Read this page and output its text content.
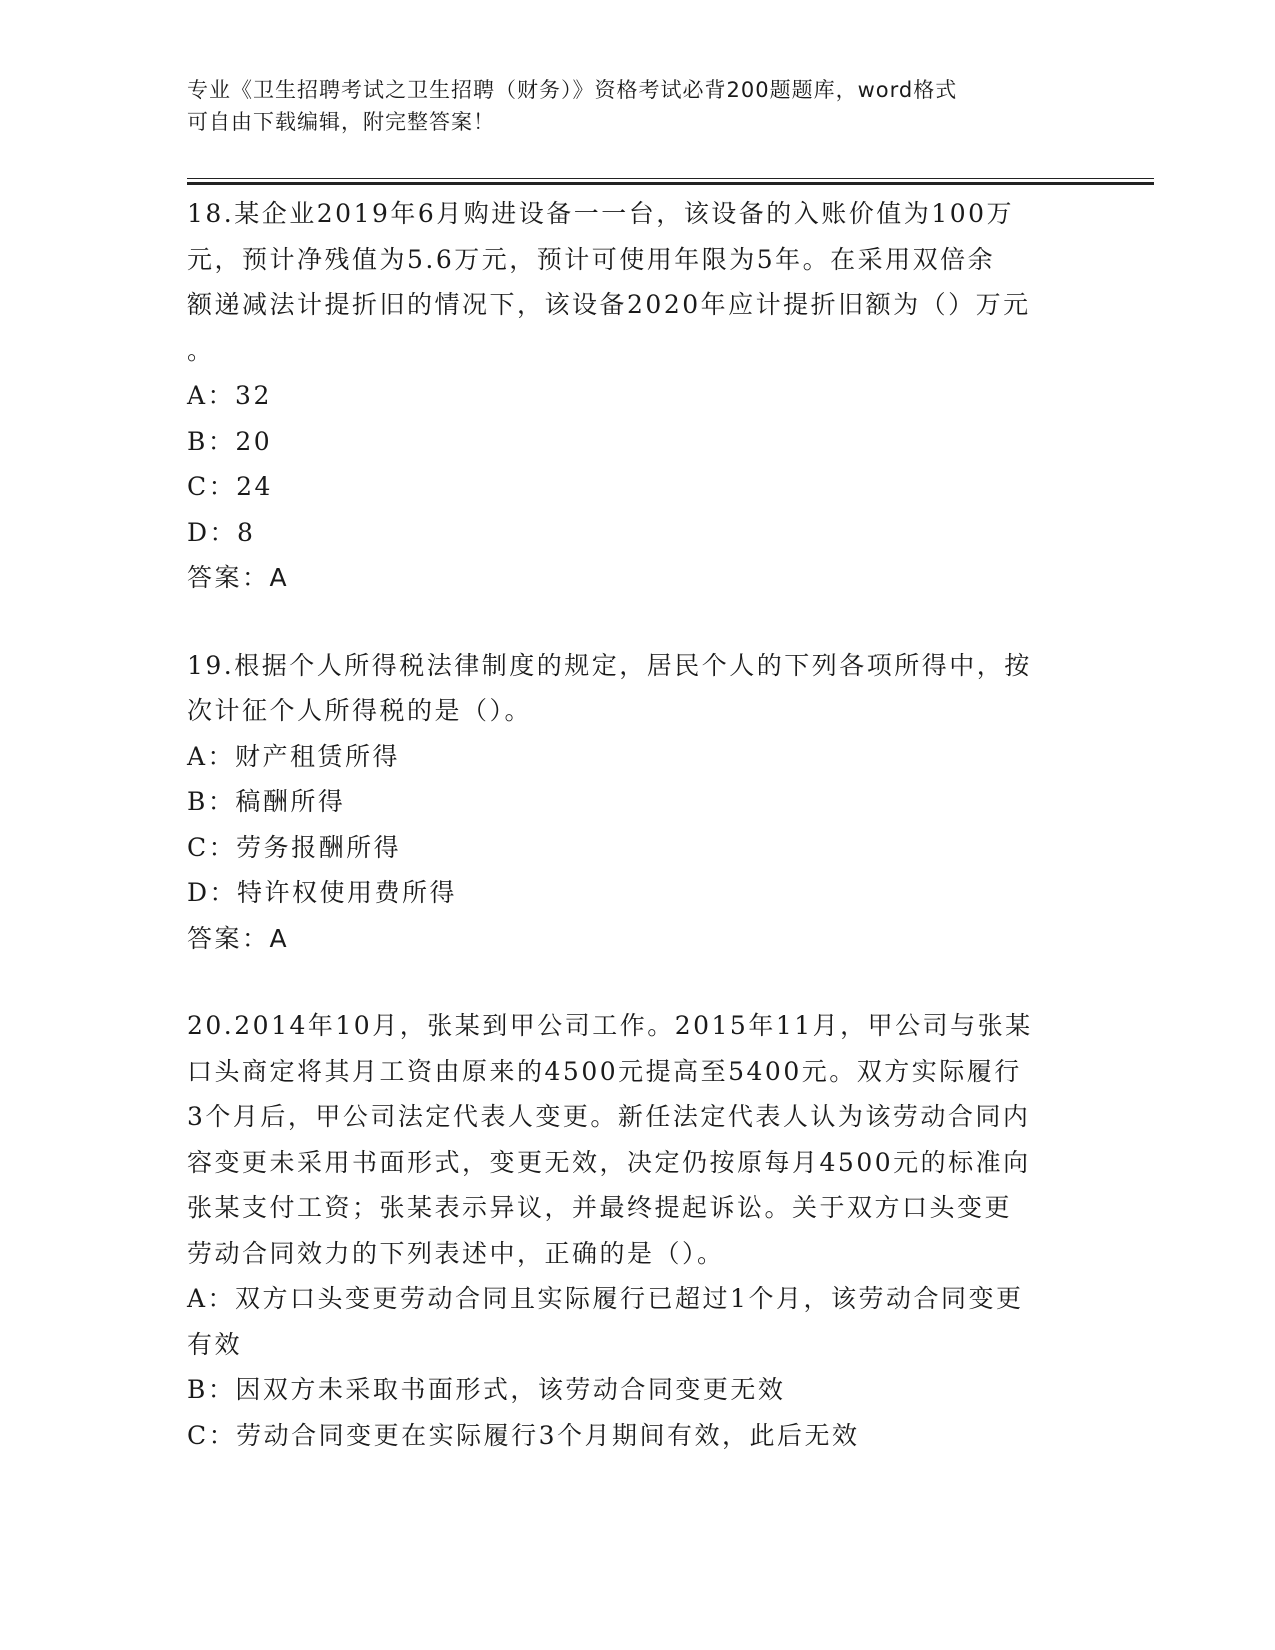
专业《卫生招聘考试之卫生招聘（财务）》资格考试必背200题题库，word格式
可自由下载编辑，附完整答案！

18.某企业2019年6月购进设备一一台，该设备的入账价值为100万

元，预计净残值为5.6万元，预计可使用年限为5年。在采用双倍余

额递减法计提折旧的情况下，该设备2020年应计提折旧额为（）万元

。

A：32

B：20

C：24

D：8

答案：A

19.根据个人所得税法律制度的规定，居民个人的下列各项所得中，按

次计征个人所得税的是（）。

A：财产租赁所得

B：稿酬所得

C：劳务报酬所得

D：特许权使用费所得

答案：A

20.2014年10月，张某到甲公司工作。2015年11月，甲公司与张某

口头商定将其月工资由原来的4500元提高至5400元。双方实际履行

3个月后，甲公司法定代表人变更。新任法定代表人认为该劳动合同内

容变更未采用书面形式，变更无效，决定仍按原每月4500元的标准向

张某支付工资；张某表示异议，并最终提起诉讼。关于双方口头变更

劳动合同效力的下列表述中，正确的是（）。

A：双方口头变更劳动合同且实际履行已超过1个月，该劳动合同变更

有效

B：因双方未采取书面形式，该劳动合同变更无效

C：劳动合同变更在实际履行3个月期间有效，此后无效
